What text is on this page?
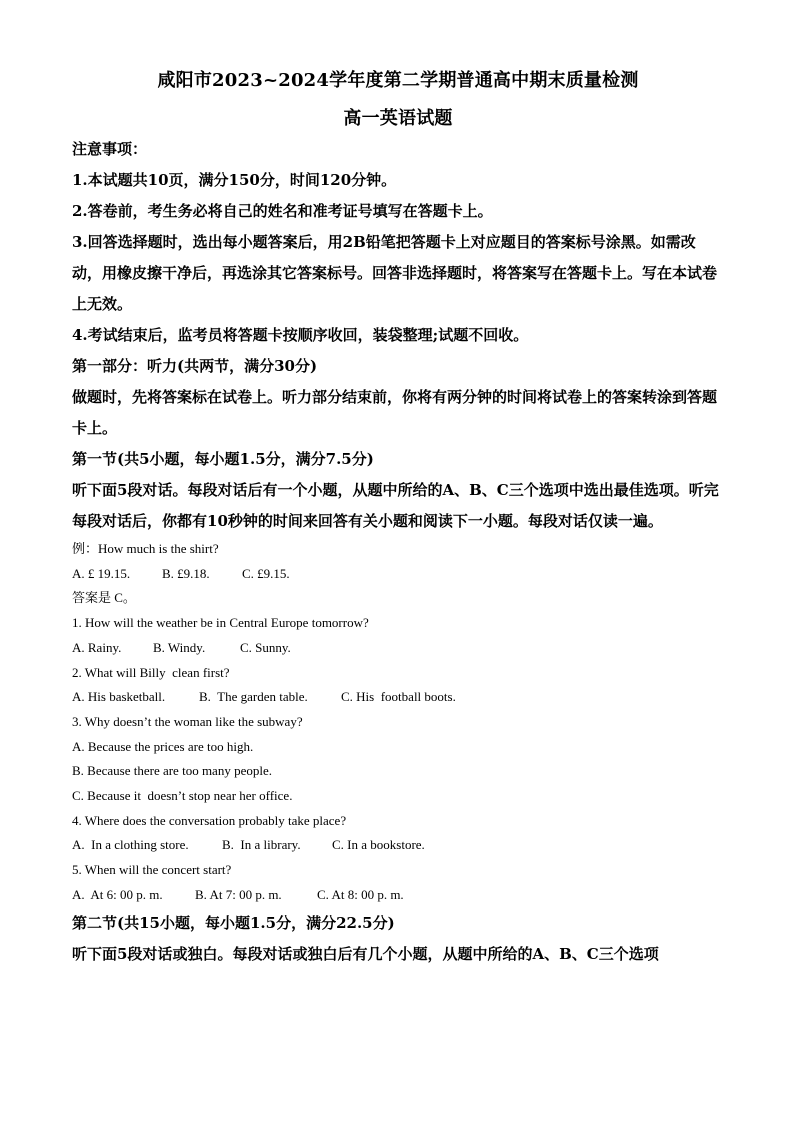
咸阳市2023~2024学年度第二学期普通高中期末质量检测

高一英语试题

注意事项：

1.本试题共10页，满分150分，时间120分钟。

2.答卷前，考生务必将自己的姓名和准考证号填写在答题卡上。

3.回答选择题时，选出每小题答案后，用2B铅笔把答题卡上对应题目的答案标号涂黑。如需改动，用橡皮擦干净后，再选涂其它答案标号。回答非选择题时，将答案写在答题卡上。写在本试卷上无效。

4.考试结束后，监考员将答题卡按顺序收回，装袋整理;试题不回收。

第一部分：听力(共两节，满分30分)

做题时，先将答案标在试卷上。听力部分结束前，你将有两分钟的时间将试卷上的答案转涂到答题卡上。

第一节(共5小题，每小题1.5分，满分7.5分)

听下面5段对话。每段对话后有一个小题，从题中所给的A、B、C三个选项中选出最佳选项。听完每段对话后，你都有10秒钟的时间来回答有关小题和阅读下一小题。每段对话仅读一遍。

例：How much is the shirt?

A. £ 19.15.	B. £9.18.	C. £9.15.

答案是 C。

1. How will the weather be in Central Europe tomorrow?

A. Rainy.	B. Windy.	C. Sunny.

2. What will Billy  clean first?

A. His basketball.	B.  The garden table.	C. His  football boots.

3. Why doesn’t the woman like the subway?

A. Because the prices are too high.

B. Because there are too many people.

C. Because it  doesn’t stop near her office.

4. Where does the conversation probably take place?

A.  In a clothing store.	B.  In a library.	C. In a bookstore.

5. When will the concert start?

A.  At 6: 00 p. m.	B. At 7: 00 p. m.	C. At 8: 00 p. m.

第二节(共15小题，每小题1.5分，满分22.5分)

听下面5段对话或独白。每段对话或独白后有几个小题，从题中所给的A、B、C三个选项
